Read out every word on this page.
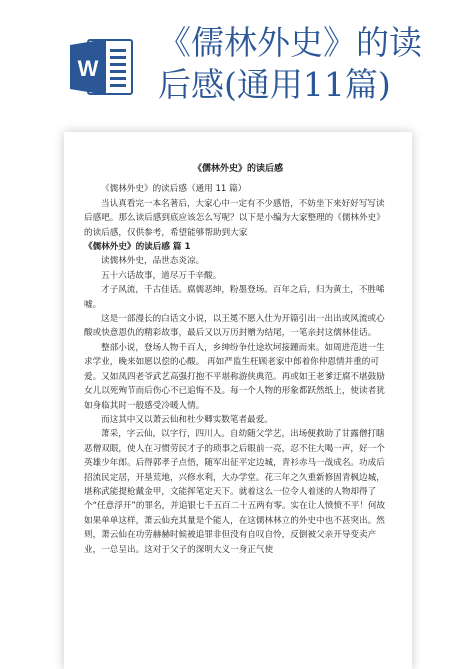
W
《儒林外史》的读
后感(通用11篇)
《儒林外史》的读后感

《儒林外史》的读后感（通用 11 篇）

当认真看完一本名著后，大家心中一定有不少感悟，不妨坐下来好好写写读后感吧。那么读后感到底应该怎么写呢？以下是小编为大家整理的《儒林外史》的读后感，仅供参考，希望能够帮助到大家

《儒林外史》的读后感 篇 1

读儒林外史，品世态炎凉。

五十六话故事，道尽万千辛酸。

才子风流，千古佳话。腐儒恶绅，粉墨登场。百年之后，归为黄土，不胜唏嘘。

这是一部漫长的白话文小说，以王冕不愿入仕为开篇引出一出出或风流或心酸或快意恩仇的精彩故事，最后又以万历封赠为结尾，一笔亲封这儒林佳话。

整部小说，登场人物千百人，乡绅纷争仕途坎坷接踵而来。如周进范进一生求学业，晚来如愿以偿的心酸。 再如严监生枉顾老家中郎着你仲恩情并重的可爱。又如凤四老爷武艺高强打抱不平堪称游侠典范。再或如王老爹迂腐不堪鼓励女儿以死殉节而后伤心不已追悔不及。每一个人物的形象都跃然纸上，使读者犹如身临其时一般感受冷暖人情。

而这其中又以萧云仙和杜少卿实数笔者最爱。

萧采，字云仙，以字行，四川人。自幼随父学艺，出场便救助了甘露僧打瞎恶僧双眼，使人在习惯劳民才子的琐事之后眼前一亮，忍不住大喝一声，好一个英雄少年郎。后得郭孝子点悟，随军出征平定边城，青衫赤马一战成名。功成后招流民定居，开垦荒地，兴修水利，大办学堂。花三年之久重新修固青枫边城，堪称武能提枪戴金甲，文能挥笔定天下。就着这么一位令人着迷的人物却得了个“任意浮开”的罪名，并追银七千五百二十五两有零。实在让人愤愤不平！何故如果单单这样，萧云仙充其量是个能人，在这儒林林立的外史中也不甚突出。然则，萧云仙在功劳赫赫时候被追罪非但没有自叹自怜，反倒被父亲开导变卖产业，一总呈出。这对于父子的深明大义一身正气使
